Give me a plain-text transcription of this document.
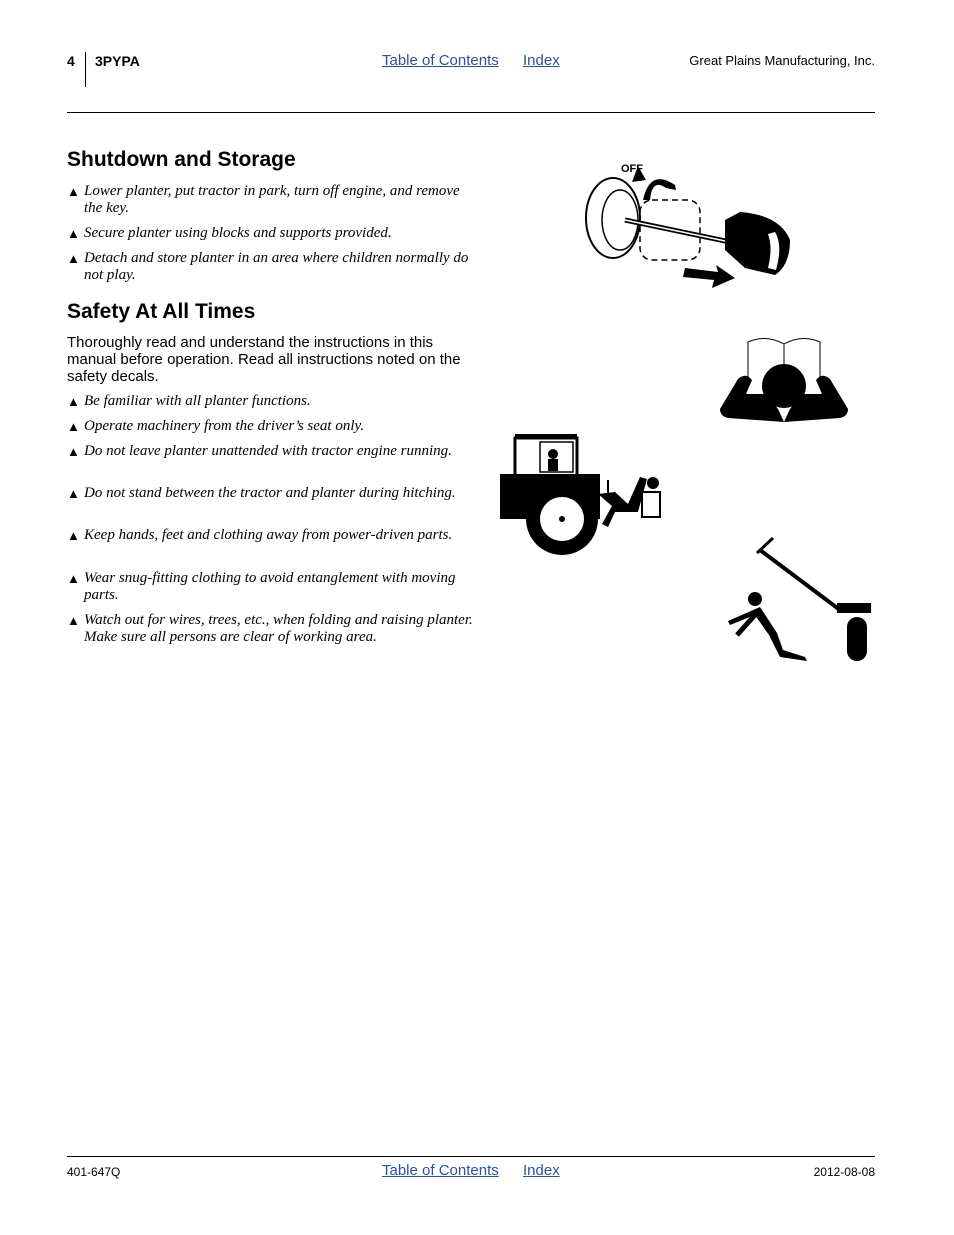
4 3PYPA	Table of Contents Index	Great Plains Manufacturing, Inc.
Shutdown and Storage
▲ Lower planter, put tractor in park, turn off engine, and remove the key.
▲ Secure planter using blocks and supports provided.
▲ Detach and store planter in an area where children normally do not play.
Safety At All Times
Thoroughly read and understand the instructions in this manual before operation. Read all instructions noted on the safety decals.
▲ Be familiar with all planter functions.
▲ Operate machinery from the driver’s seat only.
▲ Do not leave planter unattended with tractor engine running.
▲ Do not stand between the tractor and planter during hitching.
▲ Keep hands, feet and clothing away from power-driven parts.
▲ Wear snug-fitting clothing to avoid entanglement with moving parts.
▲ Watch out for wires, trees, etc., when folding and raising planter. Make sure all persons are clear of working area.
OFF
401-647Q	Table of Contents Index	2012-08-08
